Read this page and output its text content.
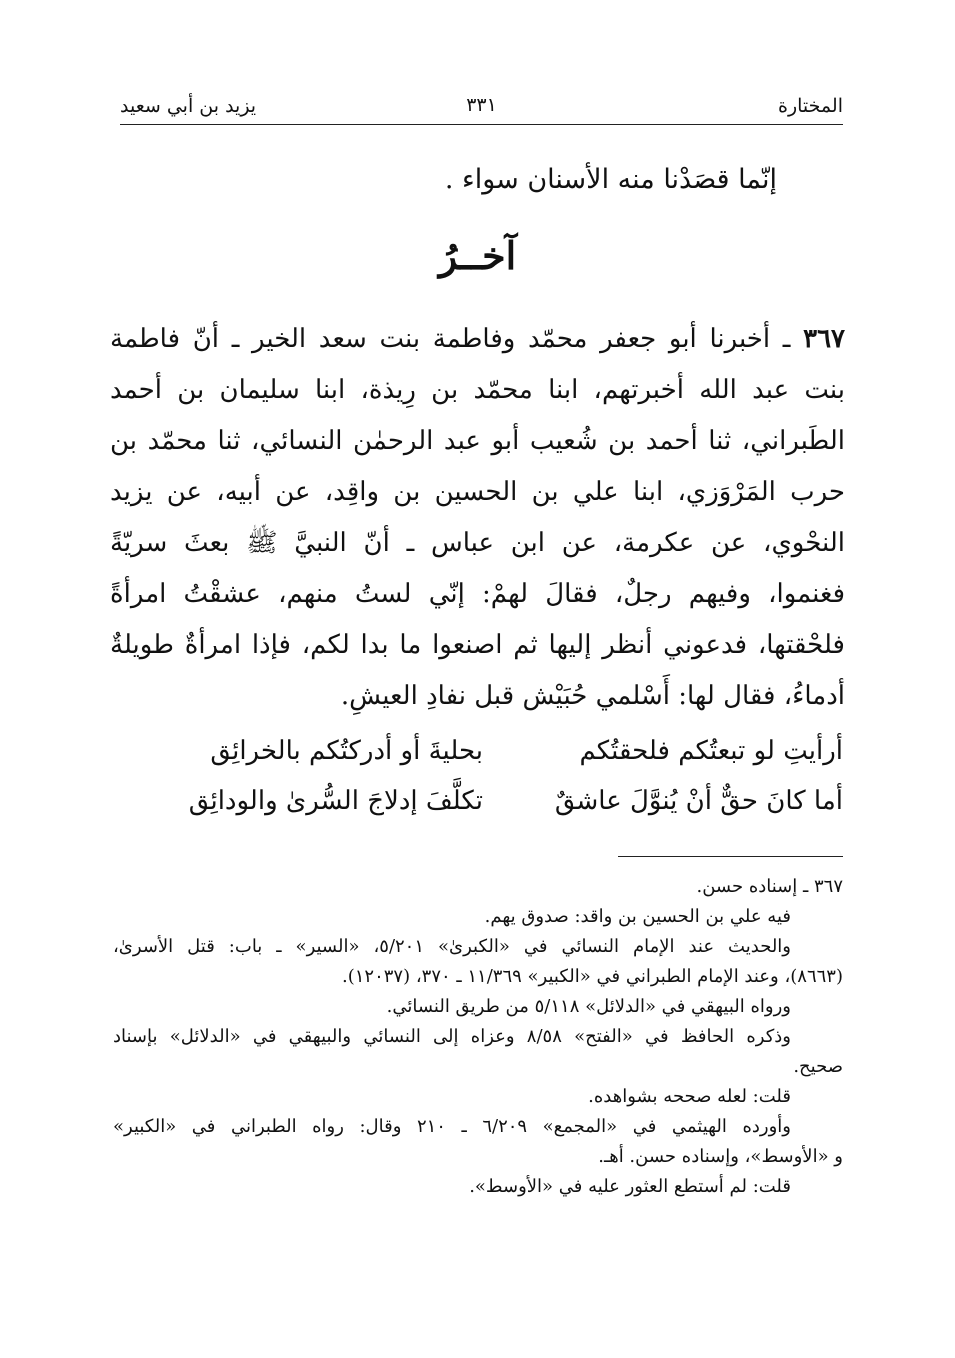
المختارة
٣٣١
يزيد بن أبي سعيد
إنّما قصَدْنا منه الأسنان سواء .
آخــرُ
٣٦٧ ـ أخبرنا أبو جعفر محمّد وفاطمة بنت سعد الخير ـ أنّ فاطمة
بنت عبد الله أخبرتهم، ابنا محمّد بن رِيذة، ابنا سليمان بن أحمد
الطَبراني، ثنا أحمد بن شُعيب أبو عبد الرحمٰن النسائي، ثنا محمّد بن
حرب المَرْوَزي، ابنا علي بن الحسين بن واقِد، عن أبيه، عن يزيد
النحْوي، عن عكرمة، عن ابن عباس ـ أنّ النبيَّ ﷺ بعثَ سريّةً
فغنموا، وفيهم رجلٌ، فقالَ لهمْ: إنّي لستُ منهم، عشقْتُ امرأةً
فلحْقتها، فدعوني أنظر إليها ثم اصنعوا ما بدا لكم، فإذا امرأةٌ طويلةٌ
أدماءُ، فقال لها: أَسْلمي حُبَيْش قبل نفادِ العيشِ.
أرأيتِ لو تبعتُكم فلحقتُكم
بحليةَ أو أدركتُكم بالخرائِق
أما كانَ حقٌّ أنْ يُنوَّلَ عاشقٌ
تكلَّفَ إدلاجَ السُّرىٰ والودائِق
٣٦٧ ـ إسناده حسن.
فيه علي بن الحسين بن واقد: صدوق يهم.
والحديث عند الإمام النسائي في «الكبرىٰ» ٥/٢٠١، «السير» ـ باب: قتل الأسرىٰ،
(٨٦٦٣)، وعند الإمام الطبراني في «الكبير» ١١/٣٦٩ ـ ٣٧٠، (١٢٠٣٧).
ورواه البيهقي في «الدلائل» ٥/١١٨ من طريق النسائي.
وذكره الحافظ في «الفتح» ٨/٥٨ وعزاه إلى النسائي والبيهقي في «الدلائل» بإسناد
صحيح.
قلت: لعله صححه بشواهده.
وأورده الهيثمي في «المجمع» ٦/٢٠٩ ـ ٢١٠ وقال: رواه الطبراني في «الكبير»
و «الأوسط»، وإسناده حسن. أهـ.
قلت: لم أستطع العثور عليه في «الأوسط».
